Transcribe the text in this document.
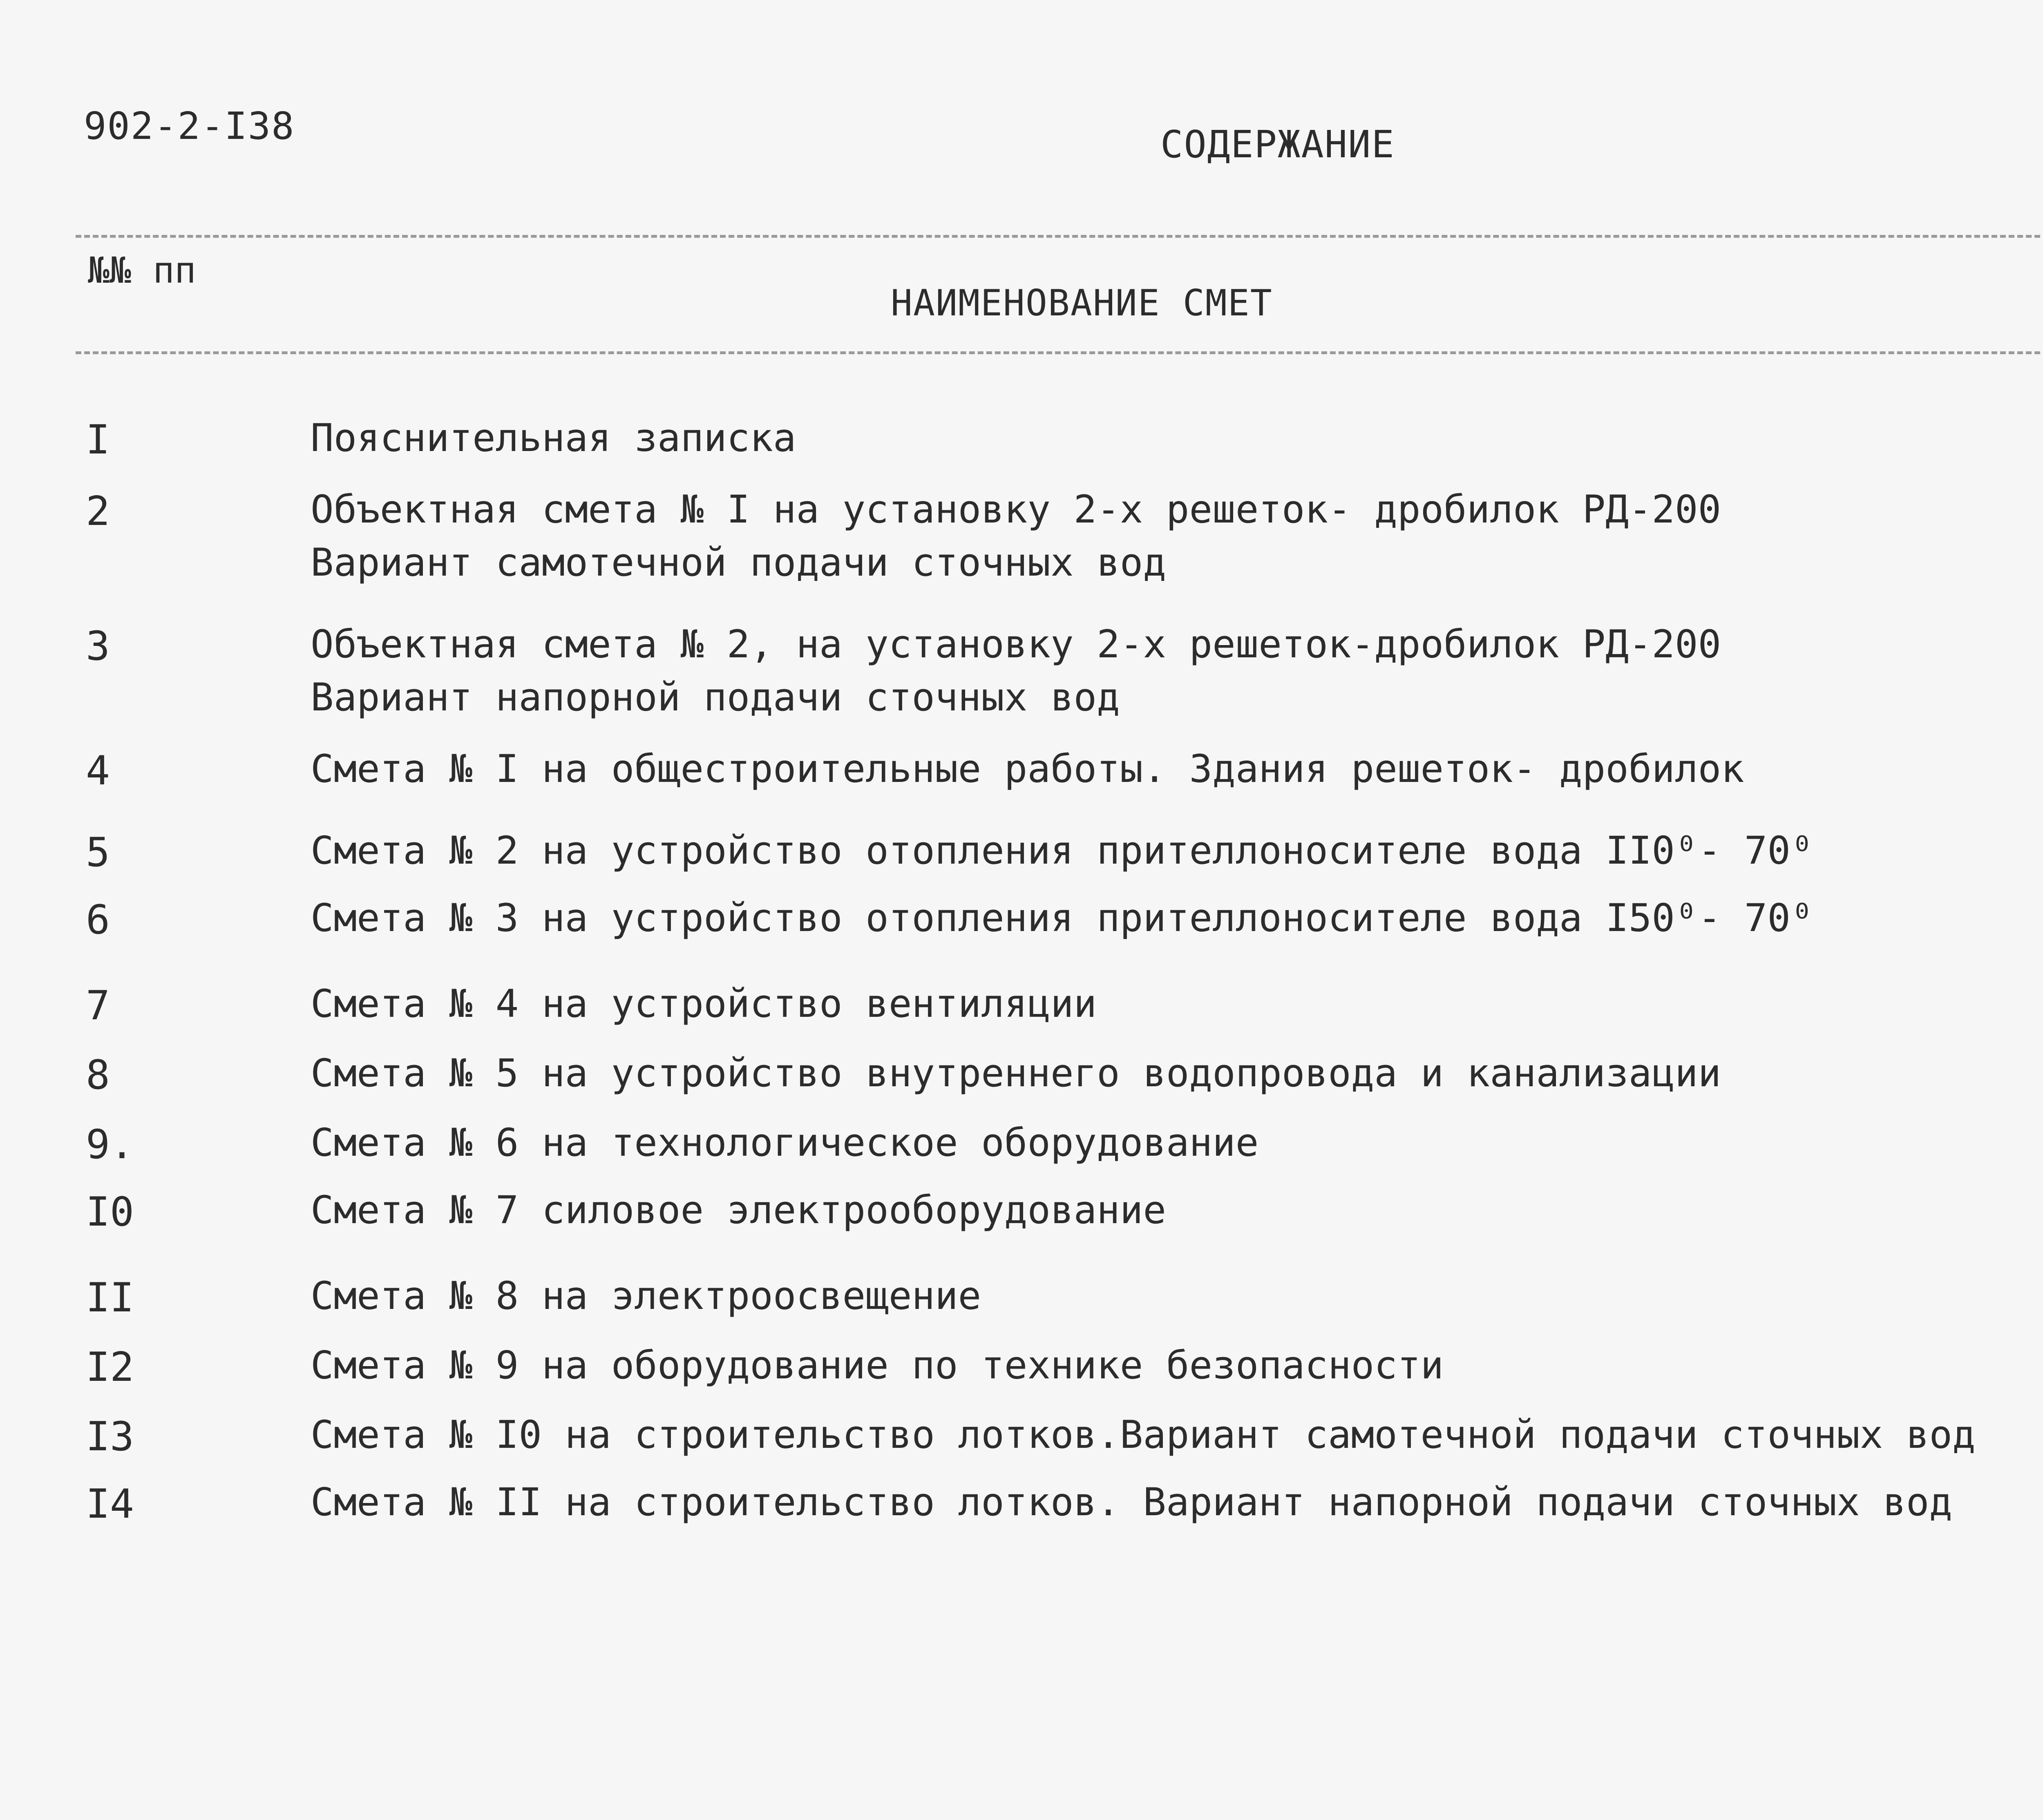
902-2-I38	СОДЕРЖАНИЕ
№№ пп
НАИМЕНОВАНИЕ СМЕТ
I	Пояснительная записка
2	Объектная смета № I на установку 2-х решеток- дробилок РД-200
Вариант самотечной подачи сточных вод
3	Объектная смета № 2, на установку 2-х решеток-дробилок РД-200
Вариант напорной подачи сточных вод
4	Смета № I на общестроительные работы. Здания решеток- дробилок
5	Смета № 2 на устройство отопления прителлоносителе вода II0⁰- 70⁰
6	Смета № 3 на устройство отопления прителлоносителе вода I50⁰- 70⁰
7	Смета № 4 на устройство вентиляции
8	Смета № 5 на устройство внутреннего водопровода и канализации
9.	Смета № 6 на технологическое оборудование
I0	Смета № 7 силовое электрооборудование
II	Смета № 8 на электроосвещение
I2	Смета № 9 на оборудование по технике безопасности
I3	Смета № I0 на строительство лотков.Вариант самотечной подачи сточных вод
I4	Смета № II на строительство лотков. Вариант напорной подачи сточных вод
